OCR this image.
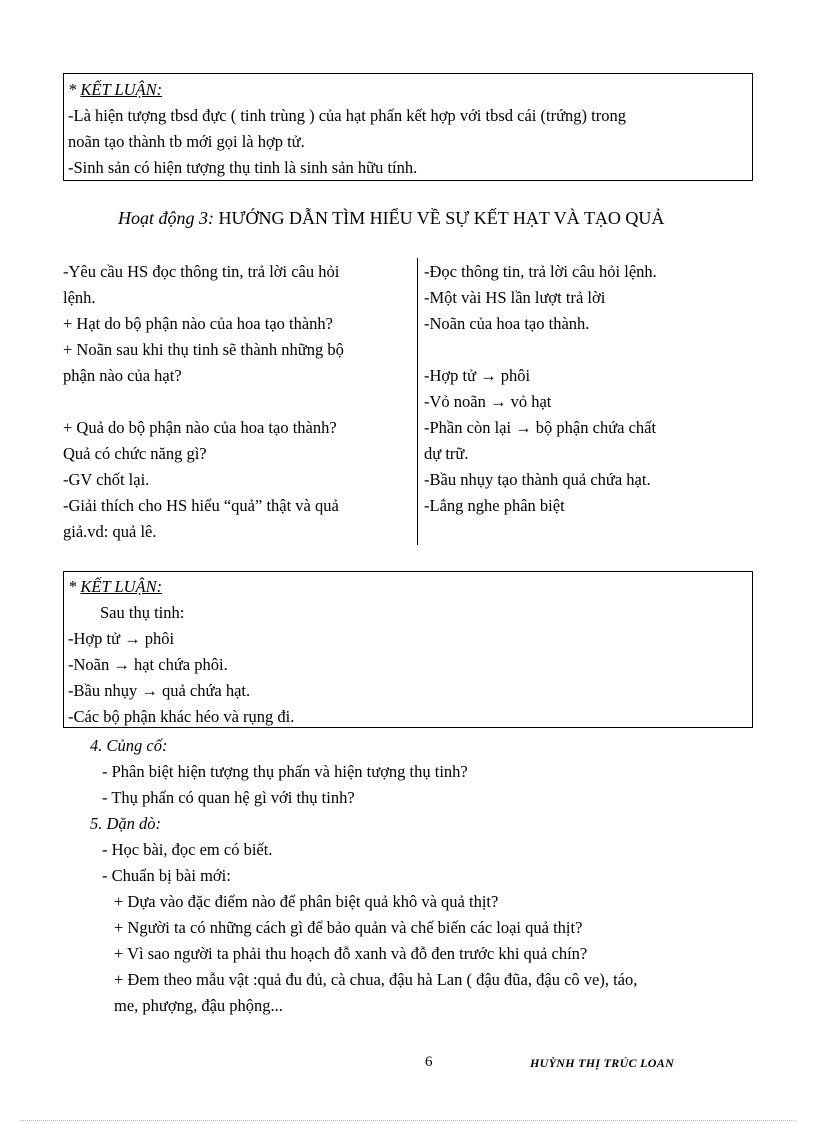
* KẾT LUẬN:
-Là hiện tượng tbsd đực ( tinh trùng ) của hạt phấn kết hợp với tbsd cái (trứng) trong
noãn tạo thành tb mới gọi là hợp tử.
-Sinh sản có hiện tượng thụ tinh là sinh sản hữu tính.
Hoạt động 3: HƯỚNG DẪN TÌM HIỂU VỀ SỰ KẾT HẠT VÀ TẠO QUẢ
-Yêu cầu HS đọc thông tin, trả lời câu hỏi
lệnh.
+ Hạt do bộ phận nào của hoa tạo thành?
+ Noãn sau khi thụ tinh sẽ thành những bộ
phận nào của hạt?
+ Quả do bộ phận nào của hoa tạo thành?
Quả có chức năng gì?
-GV chốt lại.
-Giải thích cho HS hiểu “quả” thật và quả
giả.vd: quả lê.
-Đọc thông tin, trả lời câu hỏi lệnh.
-Một vài HS lần lượt trả lời
-Noãn của hoa tạo thành.
-Hợp tử → phôi
-Vỏ noãn → vỏ hạt
-Phần còn lại → bộ phận chứa chất
dự trữ.
-Bầu nhụy tạo thành quả chứa hạt.
-Lắng nghe phân biệt
* KẾT LUẬN:
Sau thụ tinh:
-Hợp tử → phôi
-Noãn → hạt chứa phôi.
-Bầu nhụy → quả chứa hạt.
-Các bộ phận khác héo và rụng đi.
4. Củng cố:
- Phân biệt hiện tượng thụ phấn và hiện tượng thụ tinh?
- Thụ phấn có quan hệ gì với thụ tinh?
5. Dặn dò:
- Học bài, đọc em có biết.
- Chuẩn bị bài mới:
+ Dựa vào đặc điểm nào để phân biệt quả khô và quả thịt?
+ Người ta có những cách gì để bảo quản và chế biến các loại quả thịt?
+ Vì sao người ta phải thu hoạch đỗ xanh và đỗ đen trước khi quả chín?
+ Đem theo mẫu vật :quả đu đủ, cà chua, đậu hà Lan ( đậu đũa, đậu cô ve), táo,
me, phượng, đậu phộng...
6	HUỲNH THỊ TRÚC LOAN
